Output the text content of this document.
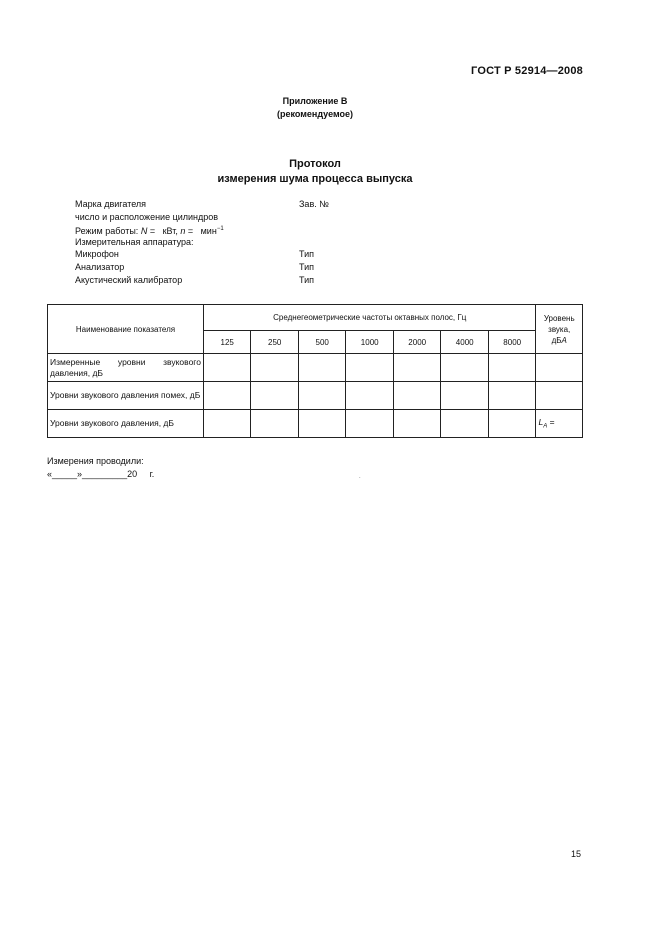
ГОСТ Р 52914—2008
Приложение В
(рекомендуемое)
Протокол
измерения шума процесса выпуска
Марка двигателя	Зав. №
число и расположение цилиндров
Режим работы: N =   кВт, n =   мин$^{-1}$
Измерительная аппаратура:
Микрофон	Тип
Анализатор	Тип
Акустический калибратор	Тип
Наименование показателя	Среднегеометрические частоты октавных полос, Гц							Уровень
звука,
дБA

	125	250	500	1000	2000	4000	8000	
Измеренные уровни звукового давления, дБ								
Уровни звукового давления помех, дБ								
Уровни звукового давления, дБ								$L_A$ =
Измерения проводили:
«_____»_________20     г.	.
15
